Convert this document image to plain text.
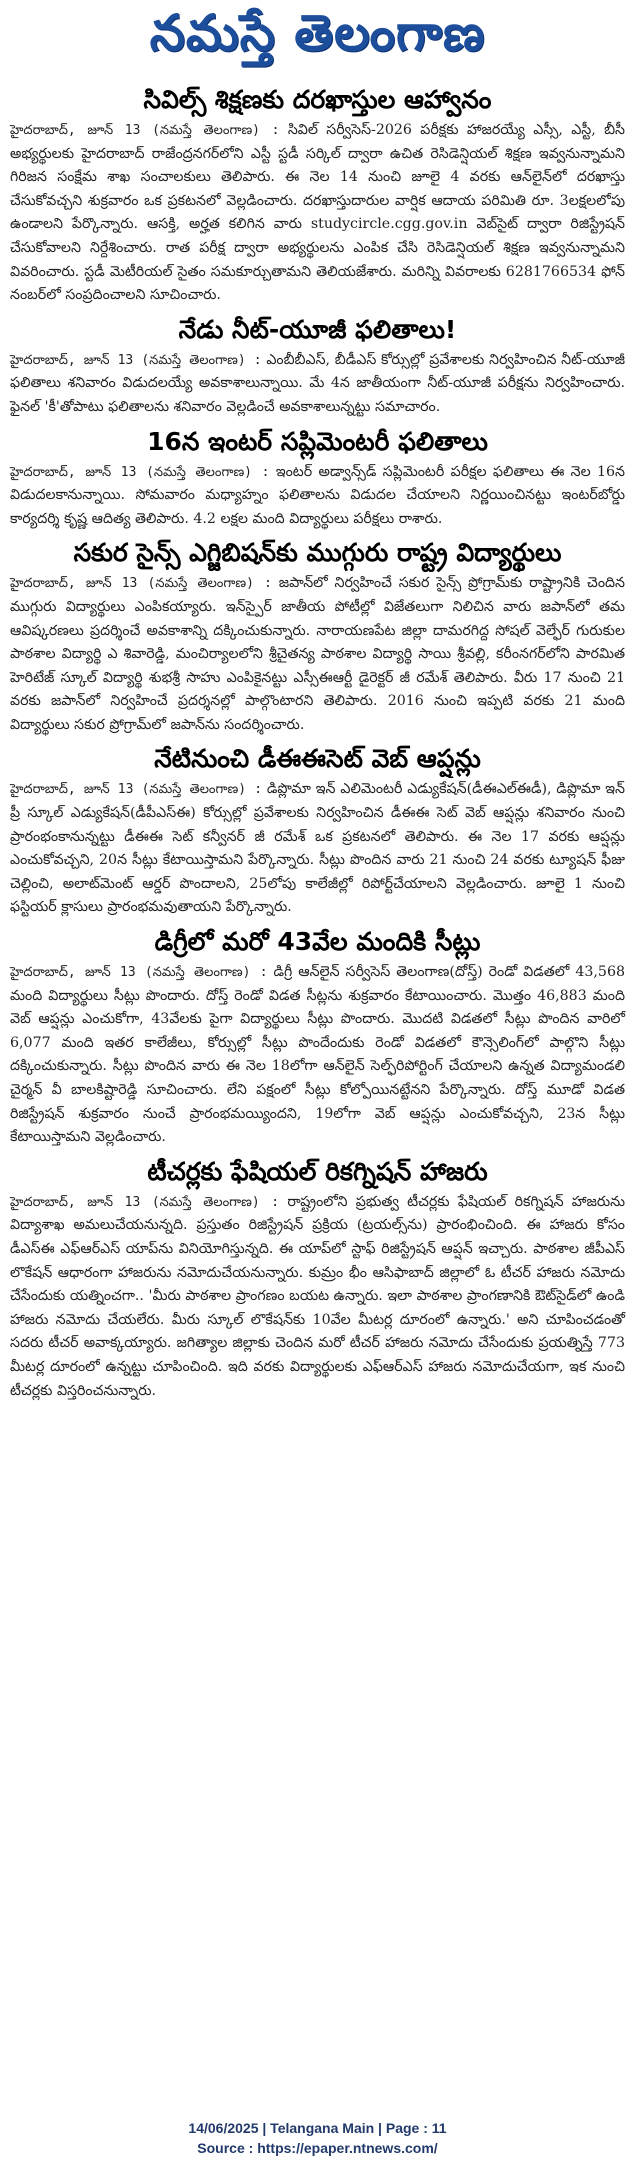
నమస్తే తెలంగాణ
సివిల్స్ శిక్షణకు దరఖాస్తుల ఆహ్వానం

హైదరాబాద్, జూన్ 13 (నమస్తే తెలంగాణ) : సివిల్ సర్వీసెస్-2026 పరీక్షకు హాజరయ్యే ఎస్సీ, ఎస్టీ, బీసీ అభ్యర్థులకు హైదరాబాద్ రాజేంద్రనగర్‌లోని ఎస్టీ స్టడీ సర్కిల్ ద్వారా ఉచిత రెసిడెన్షియల్ శిక్షణ ఇవ్వనున్నామని గిరిజన సంక్షేమ శాఖ సంచాలకులు తెలిపారు. ఈ నెల 14 నుంచి జూలై 4 వరకు ఆన్‌లైన్‌లో దరఖాస్తు చేసుకోవచ్చని శుక్రవారం ఒక ప్రకటనలో వెల్లడించారు. దరఖాస్తుదారుల వార్షిక ఆదాయ పరిమితి రూ. 3లక్షలలోపు ఉండాలని పేర్కొన్నారు. ఆసక్తి, అర్హత కలిగిన వారు studycircle.cgg.gov.in వెబ్‌సైట్ ద్వారా రిజిస్ట్రేషన్ చేసుకోవాలని నిర్దేశించారు. రాత పరీక్ష ద్వారా అభ్యర్థులను ఎంపిక చేసి రెసిడెన్షియల్ శిక్షణ ఇవ్వనున్నామని వివరించారు. స్టడీ మెటీరియల్‌ సైతం సమకూర్చుతామని తెలియజేశారు. మరిన్ని వివరాలకు 6281766534 ఫోన్ నంబర్‌లో సంప్రదించాలని సూచించారు.

నేడు నీట్-యూజీ ఫలితాలు!

హైదరాబాద్, జూన్ 13 (నమస్తే తెలంగాణ) : ఎంబీబీఎస్, బీడీఎస్ కోర్సుల్లో ప్రవేశాలకు నిర్వహించిన నీట్-యూజీ ఫలితాలు శనివారం విడుదలయ్యే అవకాశాలున్నాయి. మే 4న జాతీయంగా నీట్-యూజీ పరీక్షను నిర్వహించారు. ఫైనల్ 'కీ'తోపాటు ఫలితాలను శనివారం వెల్లడించే అవకాశాలున్నట్టు సమాచారం.

16న ఇంటర్ సప్లిమెంటరీ ఫలితాలు

హైదరాబాద్, జూన్ 13 (నమస్తే తెలంగాణ) : ఇంటర్ అడ్వాన్స్‌డ్ సప్లిమెంటరీ పరీక్షల ఫలితాలు ఈ నెల 16న విడుదలకానున్నాయి. సోమవారం మధ్యాహ్నం ఫలితాలను విడుదల చేయాలని నిర్ణయించినట్టు ఇంటర్‌బోర్డు కార్యదర్శి కృష్ణ ఆదిత్య తెలిపారు. 4.2 లక్షల మంది విద్యార్థులు పరీక్షలు రాశారు.

సకుర సైన్స్ ఎగ్జిబిషన్‌కు ముగ్గురు రాష్ట్ర విద్యార్థులు

హైదరాబాద్, జూన్ 13 (నమస్తే తెలంగాణ) : జపాన్‌లో నిర్వహించే సకుర సైన్స్ ప్రోగ్రామ్‌కు రాష్ట్రానికి చెందిన ముగ్గురు విద్యార్థులు ఎంపికయ్యారు. ఇన్‌స్పైర్ జాతీయ పోటీల్లో విజేతలుగా నిలిచిన వారు జపాన్‌లో తమ ఆవిష్కరణలు ప్రదర్శించే అవకాశాన్ని దక్కించుకున్నారు. నారాయణపేట జిల్లా దామరగిద్ద సోషల్ వెల్ఫేర్ గురుకుల పాఠశాల విద్యార్థి ఎ శివారెడ్డి, మంచిర్యాలలోని శ్రీచైతన్య పాఠశాల విద్యార్థి సాయి శ్రీవల్లి, కరీంనగర్‌లోని పారమిత హెరిటేజ్ స్కూల్ విద్యార్థి శుభశ్రీ సాహు ఎంపికైనట్టు ఎస్సీఈఆర్టీ డైరెక్టర్ జీ రమేశ్ తెలిపారు. వీరు 17 నుంచి 21 వరకు జపాన్‌లో నిర్వహించే ప్రదర్శనల్లో పాల్గొంటారని తెలిపారు. 2016 నుంచి ఇప్పటి వరకు 21 మంది విద్యార్థులు సకుర ప్రోగ్రామ్‌లో జపాన్‌ను సందర్శించారు.

నేటినుంచి డీఈఈసెట్ వెబ్ ఆప్షన్లు

హైదరాబాద్, జూన్ 13 (నమస్తే తెలంగాణ) : డిప్లొమా ఇన్ ఎలిమెంటరీ ఎడ్యుకేషన్(డీఈఎల్ఈడీ), డిప్లొమా ఇన్ ప్రీ స్కూల్ ఎడ్యుకేషన్(డీపీఎస్ఈ) కోర్సుల్లో ప్రవేశాలకు నిర్వహించిన డీఈఈ సెట్ వెబ్ ఆప్షన్లు శనివారం నుంచి ప్రారంభంకానున్నట్టు డీఈఈ సెట్ కన్వీనర్ జీ రమేశ్ ఒక ప్రకటనలో తెలిపారు. ఈ నెల 17 వరకు ఆప్షన్లు ఎంచుకోవచ్చని, 20న సీట్లు కేటాయిస్తామని పేర్కొన్నారు. సీట్లు పొందిన వారు 21 నుంచి 24 వరకు ట్యూషన్ ఫీజు చెల్లించి, అలాట్‌మెంట్ ఆర్డర్ పొందాలని, 25లోపు కాలేజీల్లో రిపోర్ట్‌చేయాలని వెల్లడించారు. జూలై 1 నుంచి ఫస్టియర్ క్లాసులు ప్రారంభమవుతాయని పేర్కొన్నారు.

డిగ్రీలో మరో 43వేల మందికి సీట్లు

హైదరాబాద్, జూన్ 13 (నమస్తే తెలంగాణ) : డిగ్రీ ఆన్‌లైన్ సర్వీసెస్ తెలంగాణ(దోస్త్) రెండో విడతలో 43,568 మంది విద్యార్థులు సీట్లు పొందారు. దోస్త్ రెండో విడత సీట్లను శుక్రవారం కేటాయించారు. మొత్తం 46,883 మంది వెబ్ ఆప్షన్లు ఎంచుకోగా, 43వేలకు పైగా విద్యార్థులు సీట్లు పొందారు. మొదటి విడతలో సీట్లు పొందిన వారిలో 6,077 మంది ఇతర కాలేజీలు, కోర్సుల్లో సీట్లు పొందేందుకు రెండో విడతలో కౌన్సెలింగ్‌లో పాల్గొని సీట్లు దక్కించుకున్నారు. సీట్లు పొందిన వారు ఈ నెల 18లోగా ఆన్‌లైన్ సెల్ఫ్‌రిపోర్టింగ్ చేయాలని ఉన్నత విద్యామండలి చైర్మన్ వీ బాలకిష్టారెడ్డి సూచించారు. లేని పక్షంలో సీట్లు కోల్పోయినట్టేనని పేర్కొన్నారు. దోస్త్ మూడో విడత రిజిస్ట్రేషన్ శుక్రవారం నుంచే ప్రారంభమయ్యిందని, 19లోగా వెబ్ ఆప్షన్లు ఎంచుకోవచ్చని, 23న సీట్లు కేటాయిస్తామని వెల్లడించారు.

టీచర్లకు ఫేషియల్ రికగ్నిషన్ హాజరు

హైదరాబాద్, జూన్ 13 (నమస్తే తెలంగాణ) : రాష్ట్రంలోని ప్రభుత్వ టీచర్లకు ఫేషియల్ రికగ్నిషన్ హాజరును విద్యాశాఖ అమలుచేయనున్నది. ప్రస్తుతం రిజిస్ట్రేషన్ ప్రక్రియ (ట్రయల్స్‌ను) ప్రారంభించింది. ఈ హాజరు కోసం డీఎస్ఈ ఎఫ్ఆర్ఎస్ యాప్‌ను వినియోగిస్తున్నది. ఈ యాప్‌లో స్టాఫ్ రిజిస్ట్రేషన్ ఆప్షన్ ఇచ్చారు. పాఠశాల జీపీఎస్ లొకేషన్ ఆధారంగా హాజరును నమోదుచేయనున్నారు. కుమ్రం భీం ఆసిఫాబాద్ జిల్లాలో ఓ టీచర్ హాజరు నమోదు చేసేందుకు యత్నించగా.. 'మీరు పాఠశాల ప్రాంగణం బయట ఉన్నారు. ఇలా పాఠశాల ప్రాంగణానికి ఔట్‌సైడ్‌లో ఉండి హాజరు నమోదు చేయలేరు. మీరు స్కూల్ లొకేషన్‌కు 10వేల మీటర్ల దూరంలో ఉన్నారు.' అని చూపించడంతో సదరు టీచర్ అవాక్కయ్యారు. జగిత్యాల జిల్లాకు చెందిన మరో టీచర్ హాజరు నమోదు చేసేందుకు ప్రయత్నిస్తే 773 మీటర్ల దూరంలో ఉన్నట్టు చూపించింది. ఇది వరకు విద్యార్థులకు ఎఫ్ఆర్ఎస్ హాజరు నమోదుచేయగా, ఇక నుంచి టీచర్లకు విస్తరించనున్నారు.

14/06/2025 | Telangana Main | Page : 11
Source : https://epaper.ntnews.com/
